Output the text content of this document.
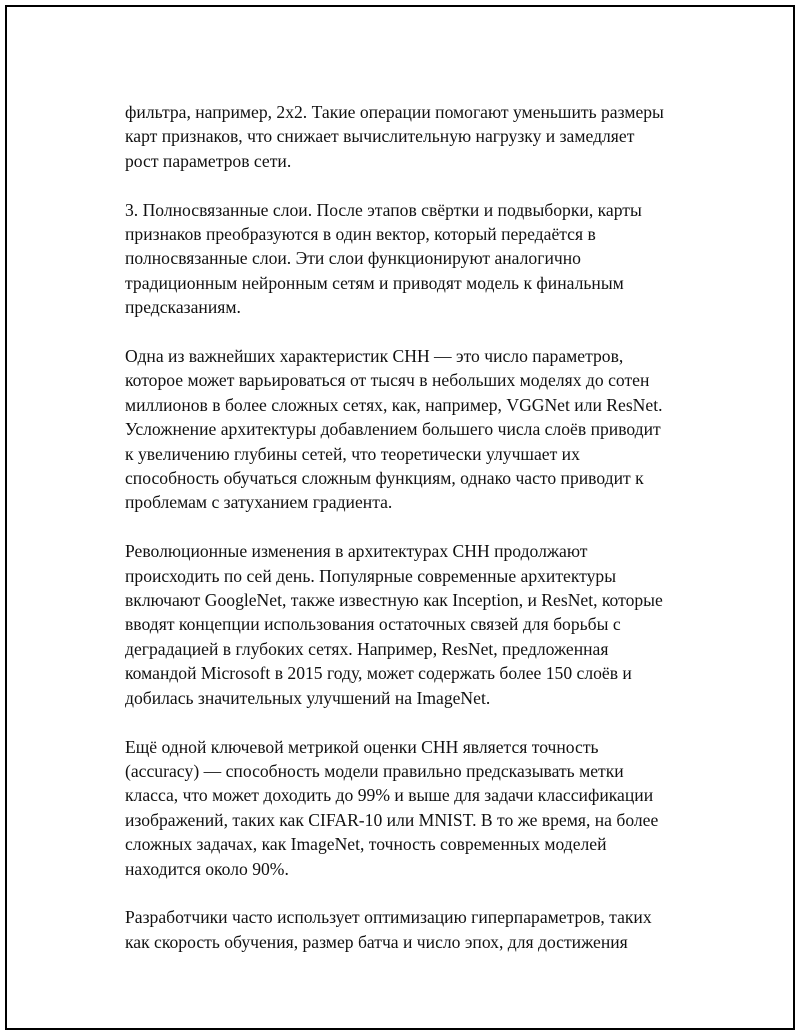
фильтра, например, 2x2. Такие операции помогают уменьшить размеры
карт признаков, что снижает вычислительную нагрузку и замедляет
рост параметров сети.

3. Полносвязанные слои. После этапов свёртки и подвыборки, карты
признаков преобразуются в один вектор, который передаётся в
полносвязанные слои. Эти слои функционируют аналогично
традиционным нейронным сетям и приводят модель к финальным
предсказаниям.

Одна из важнейших характеристик СНН — это число параметров,
которое может варьироваться от тысяч в небольших моделях до сотен
миллионов в более сложных сетях, как, например, VGGNet или ResNet.
Усложнение архитектуры добавлением большего числа слоёв приводит
к увеличению глубины сетей, что теоретически улучшает их
способность обучаться сложным функциям, однако часто приводит к
проблемам с затуханием градиента.

Революционные изменения в архитектурах СНН продолжают
происходить по сей день. Популярные современные архитектуры
включают GoogleNet, также известную как Inception, и ResNet, которые
вводят концепции использования остаточных связей для борьбы с
деградацией в глубоких сетях. Например, ResNet, предложенная
командой Microsoft в 2015 году, может содержать более 150 слоёв и
добилась значительных улучшений на ImageNet.

Ещё одной ключевой метрикой оценки СНН является точность
(accuracy) — способность модели правильно предсказывать метки
класса, что может доходить до 99% и выше для задачи классификации
изображений, таких как CIFAR-10 или MNIST. В то же время, на более
сложных задачах, как ImageNet, точность современных моделей
находится около 90%.

Разработчики часто использует оптимизацию гиперпараметров, таких
как скорость обучения, размер батча и число эпох, для достижения
